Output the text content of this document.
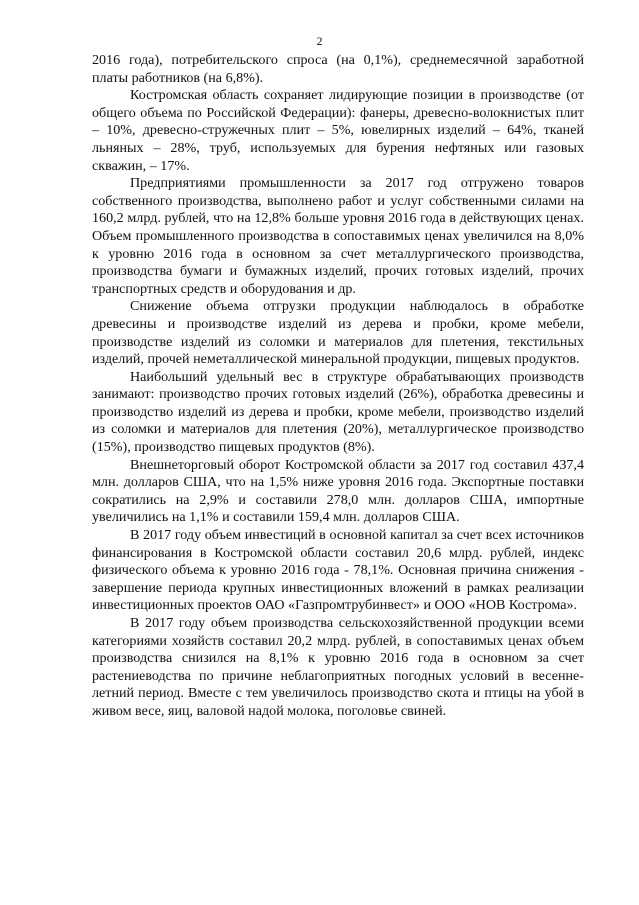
2

2016 года), потребительского спроса (на 0,1%), среднемесячной заработной платы работников (на 6,8%).

Костромская область сохраняет лидирующие позиции в производстве (от общего объема по Российской Федерации): фанеры, древесно-волокнистых плит – 10%, древесно-стружечных плит – 5%, ювелирных изделий – 64%, тканей льняных – 28%, труб, используемых для бурения нефтяных или газовых скважин, – 17%.

Предприятиями промышленности за 2017 год отгружено товаров собственного производства, выполнено работ и услуг собственными силами на 160,2 млрд. рублей, что на 12,8% больше уровня 2016 года в действующих ценах. Объем промышленного производства в сопоставимых ценах увеличился на 8,0% к уровню 2016 года в основном за счет металлургического производства, производства бумаги и бумажных изделий, прочих готовых изделий, прочих транспортных средств и оборудования и др.

Снижение объема отгрузки продукции наблюдалось в обработке древесины и производстве изделий из дерева и пробки, кроме мебели, производстве изделий из соломки и материалов для плетения, текстильных изделий, прочей неметаллической минеральной продукции, пищевых продуктов.

Наибольший удельный вес в структуре обрабатывающих производств занимают: производство прочих готовых изделий (26%), обработка древесины и производство изделий из дерева и пробки, кроме мебели, производство изделий из соломки и материалов для плетения (20%), металлургическое производство (15%), производство пищевых продуктов (8%).

Внешнеторговый оборот Костромской области за 2017 год составил 437,4 млн. долларов США, что на 1,5% ниже уровня 2016 года. Экспортные поставки сократились на 2,9% и составили 278,0 млн. долларов США, импортные увеличились на 1,1% и составили 159,4 млн. долларов США.

В 2017 году объем инвестиций в основной капитал за счет всех источников финансирования в Костромской области составил 20,6 млрд. рублей, индекс физического объема к уровню 2016 года - 78,1%. Основная причина снижения - завершение периода крупных инвестиционных вложений в рамках реализации инвестиционных проектов ОАО «Газпромтрубинвест» и ООО «НОВ Кострома».

В 2017 году объем производства сельскохозяйственной продукции всеми категориями хозяйств составил 20,2 млрд. рублей, в сопоставимых ценах объем производства снизился на 8,1% к уровню 2016 года в основном за счет растениеводства по причине неблагоприятных погодных условий в весенне-летний период. Вместе с тем увеличилось производство скота и птицы на убой в живом весе, яиц, валовой надой молока, поголовье свиней.
